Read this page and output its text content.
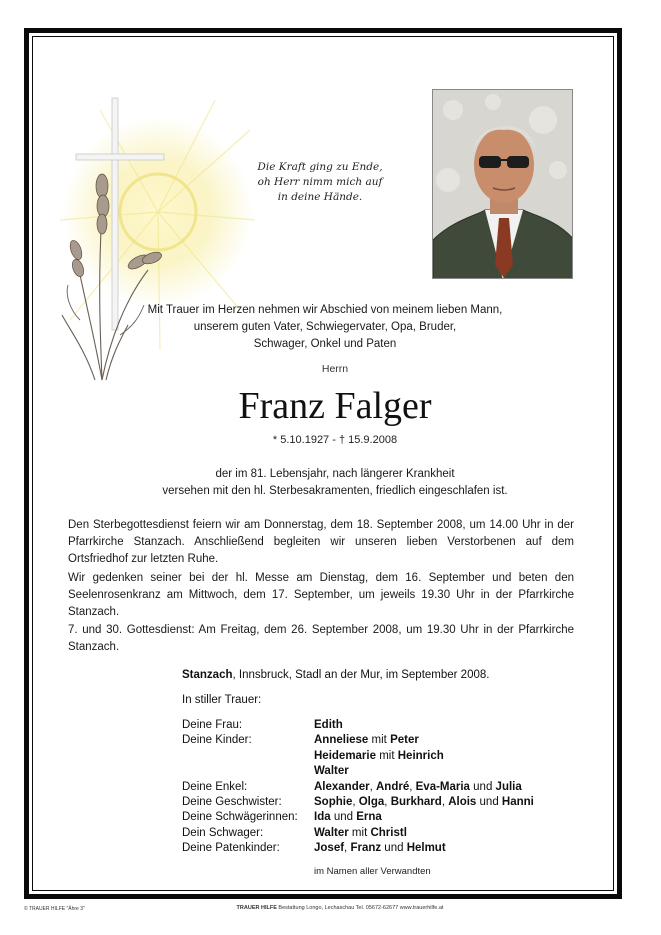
Die Kraft ging zu Ende,
oh Herr nimm mich auf
in deine Hände.
Mit Trauer im Herzen nehmen wir Abschied von meinem lieben Mann,
unserem guten Vater, Schwiegervater, Opa, Bruder,
Schwager, Onkel und Paten
Herrn
Franz Falger
* 5.10.1927 - † 15.9.2008
der im 81. Lebensjahr, nach längerer Krankheit
versehen mit den hl. Sterbesakramenten, friedlich eingeschlafen ist.
Den Sterbegottesdienst feiern wir am Donnerstag, dem 18. September 2008, um 14.00 Uhr in der Pfarrkirche Stanzach. Anschließend begleiten wir unseren lieben Verstorbenen auf dem Ortsfriedhof zur letzten Ruhe.
Wir gedenken seiner bei der hl. Messe am Dienstag, dem 16. September und beten den Seelenrosenkranz am Mittwoch, dem 17. September, um jeweils 19.30 Uhr in der Pfarrkirche Stanzach.
7. und 30. Gottesdienst: Am Freitag, dem 26. September 2008, um 19.30 Uhr in der Pfarrkirche Stanzach.
Stanzach, Innsbruck, Stadl an der Mur, im September 2008.
In stiller Trauer:
Deine Frau:	Edith
Deine Kinder:	Anneliese mit Peter
Heidemarie mit Heinrich
Walter
Deine Enkel:	Alexander, André, Eva-Maria und Julia
Deine Geschwister:	Sophie, Olga, Burkhard, Alois und Hanni
Deine Schwägerinnen:	Ida und Erna
Dein Schwager:	Walter mit Christl
Deine Patenkinder:	Josef, Franz und Helmut
im Namen aller Verwandten
© TRAUER HILFE "Ähre 3"	TRAUER HILFE Bestattung Longo, Lechaschau Tel. 05672-62677 www.trauerhilfe.at
